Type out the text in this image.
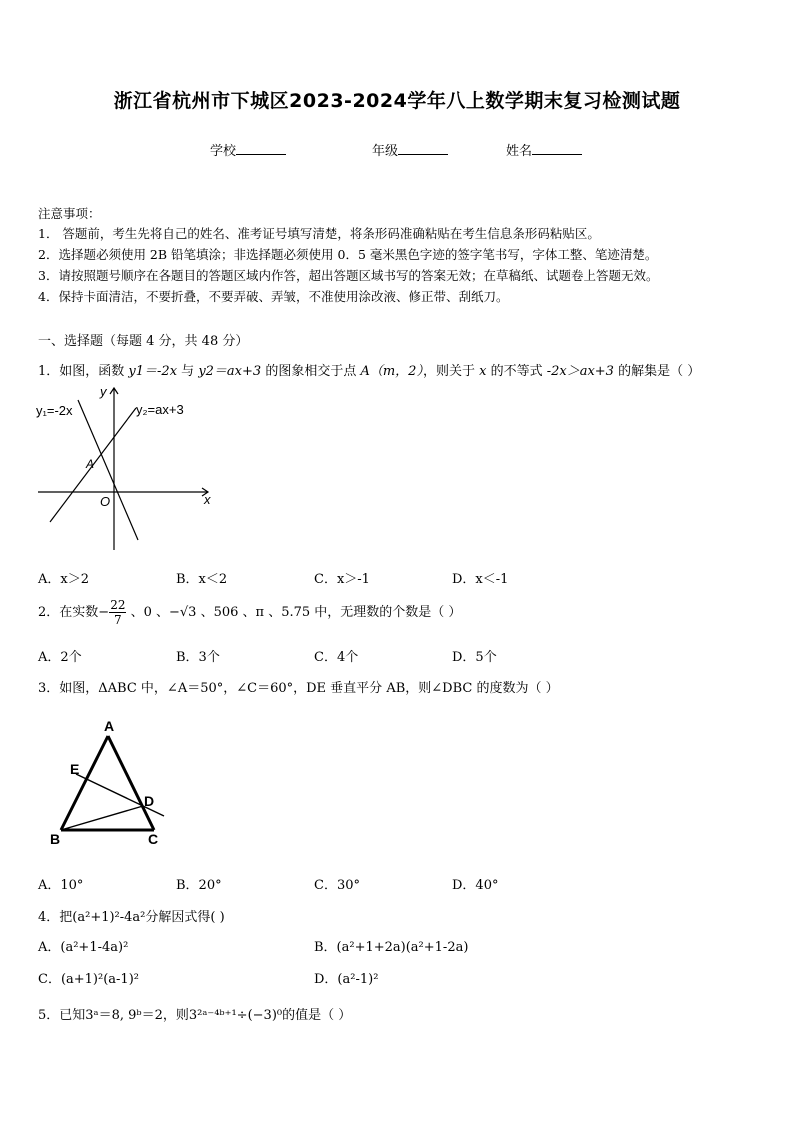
浙江省杭州市下城区2023-2024学年八上数学期末复习检测试题
学校	年级	姓名
注意事项：
1． 答题前，考生先将自己的姓名、准考证号填写清楚，将条形码准确粘贴在考生信息条形码粘贴区。
2．选择题必须使用 2B 铅笔填涂；非选择题必须使用 0．5 毫米黑色字迹的签字笔书写，字体工整、笔迹清楚。
3．请按照题号顺序在各题目的答题区域内作答，超出答题区域书写的答案无效；在草稿纸、试题卷上答题无效。
4．保持卡面清洁，不要折叠，不要弄破、弄皱，不准使用涂改液、修正带、刮纸刀。
一、选择题（每题 4 分，共 48 分）
1．如图，函数 y1＝-2x 与 y2＝ax+3 的图象相交于点 A（m，2），则关于 x 的不等式 -2x＞ax+3 的解集是（ ）
y₁=-2x	y₂=ax+3
y
x
O
A
A．x＞2	B．x＜2	C．x＞-1	D．x＜-1
2．在实数− $\frac{22}{7}$ 、0 、−√3 、506 、π 、5.75 中，无理数的个数是（ ）
A．2个	B．3个	C．4个	D．5个
3．如图，ΔABC 中，∠A＝50°，∠C＝60°，DE 垂直平分 AB，则∠DBC 的度数为（ ）
A
B	C
D
E
A．10°	B．20°	C．30°	D．40°
4．把(a²+1)²-4a²分解因式得( )
A．(a²+1-4a)²	B．(a²+1+2a)(a²+1-2a)
C．(a+1)²(a-1)²	D．(a²-1)²
5．已知3ᵃ＝8, 9ᵇ＝2，则3²ᵃ⁻⁴ᵇ⁺¹÷(−3)⁰的值是（ ）
